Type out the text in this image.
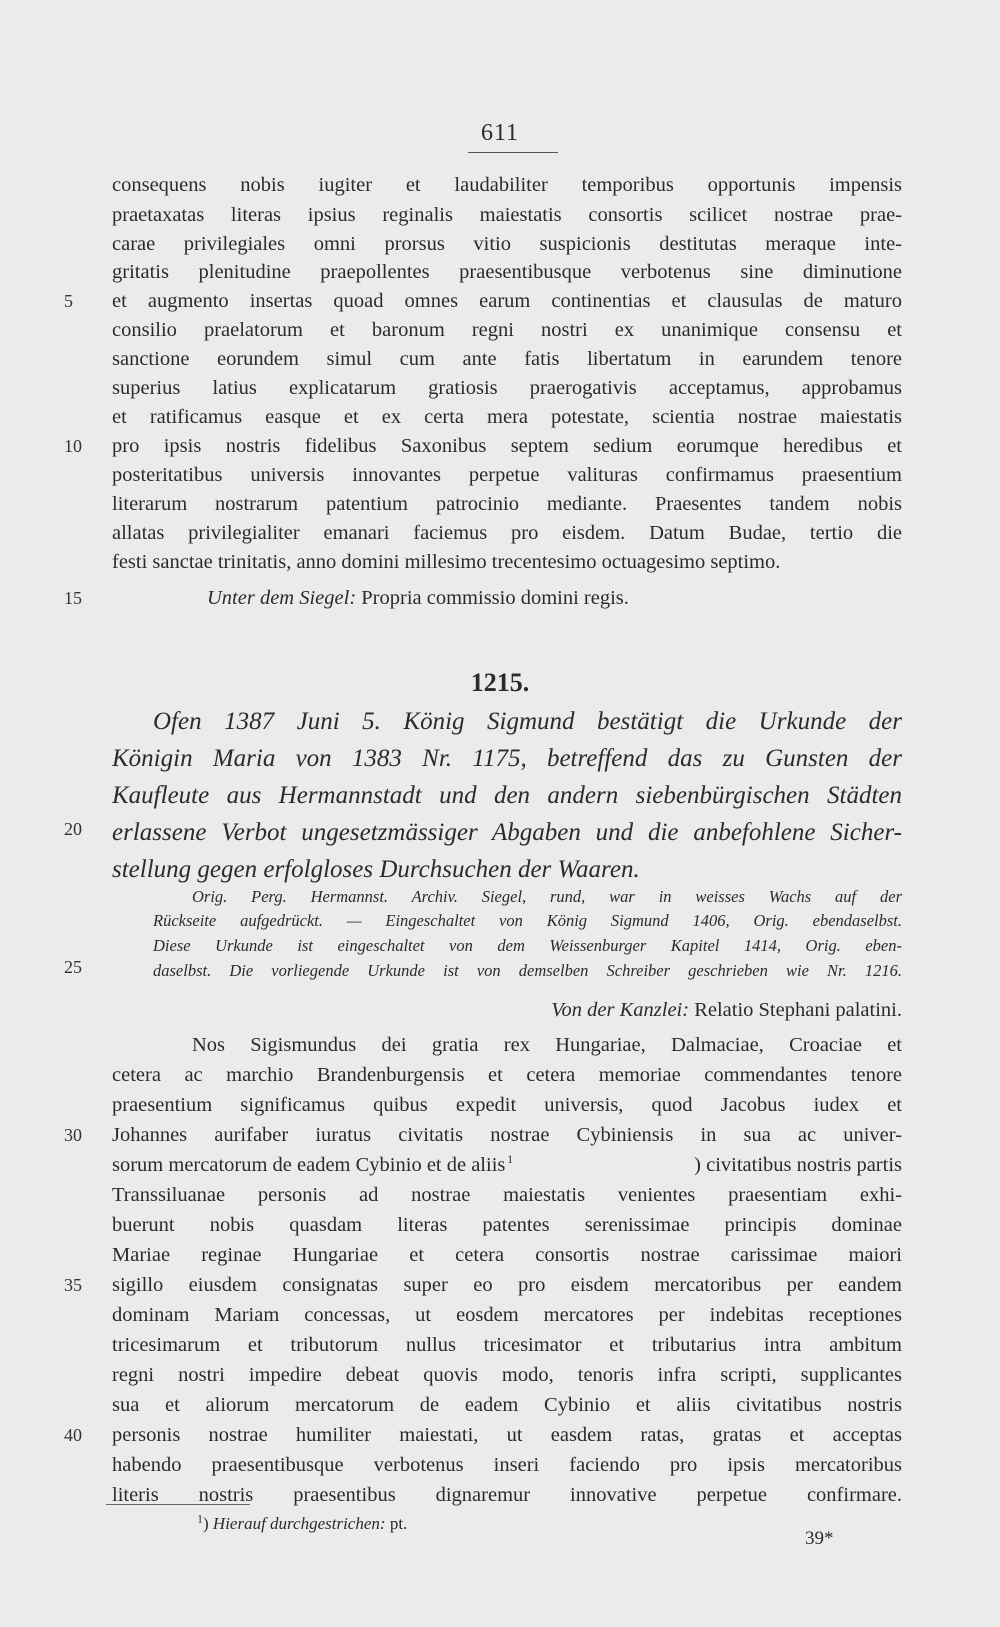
611
consequens nobis iugiter et laudabiliter temporibus opportunis impensis
praetaxatas literas ipsius reginalis maiestatis consortis scilicet nostrae prae-
carae privilegiales omni prorsus vitio suspicionis destitutas meraque inte-
gritatis plenitudine praepollentes praesentibusque verbotenus sine diminutione
et augmento insertas quoad omnes earum continentias et clausulas de maturo
consilio praelatorum et baronum regni nostri ex unanimique consensu et
sanctione eorundem simul cum ante fatis libertatum in earundem tenore
superius latius explicatarum gratiosis praerogativis acceptamus, approbamus
et ratificamus easque et ex certa mera potestate, scientia nostrae maiestatis
pro ipsis nostris fidelibus Saxonibus septem sedium eorumque heredibus et
posteritatibus universis innovantes perpetue valituras confirmamus praesentium
literarum nostrarum patentium patrocinio mediante. Praesentes tandem nobis
allatas privilegialiter emanari faciemus pro eisdem. Datum Budae, tertio die
festi sanctae trinitatis, anno domini millesimo trecentesimo octuagesimo septimo.
Unter dem Siegel: Propria commissio domini regis.
1215.
Ofen 1387 Juni 5. König Sigmund bestätigt die Urkunde der
Königin Maria von 1383 Nr. 1175, betreffend das zu Gunsten der
Kaufleute aus Hermannstadt und den andern siebenbürgischen Städten
erlassene Verbot ungesetzmässiger Abgaben und die anbefohlene Sicher-
stellung gegen erfolgloses Durchsuchen der Waaren.
Orig. Perg. Hermannst. Archiv. Siegel, rund, war in weisses Wachs auf der
Rückseite aufgedrückt. — Eingeschaltet von König Sigmund 1406, Orig. ebendaselbst.
Diese Urkunde ist eingeschaltet von dem Weissenburger Kapitel 1414, Orig. eben-
daselbst. Die vorliegende Urkunde ist von demselben Schreiber geschrieben wie Nr. 1216.
Von der Kanzlei: Relatio Stephani palatini.
Nos Sigismundus dei gratia rex Hungariae, Dalmaciae, Croaciae et
cetera ac marchio Brandenburgensis et cetera memoriae commendantes tenore
praesentium significamus quibus expedit universis, quod Jacobus iudex et
Johannes aurifaber iuratus civitatis nostrae Cybiniensis in sua ac univer-
sorum mercatorum de eadem Cybinio et de aliis  $^1$	) civitatibus nostris partis
Transsiluanae personis ad nostrae maiestatis venientes praesentiam exhi-
buerunt nobis quasdam literas patentes serenissimae principis dominae
Mariae reginae Hungariae et cetera consortis nostrae carissimae maiori
sigillo eiusdem consignatas super eo pro eisdem mercatoribus per eandem
dominam Mariam concessas, ut eosdem mercatores per indebitas receptiones
tricesimarum et tributorum nullus tricesimator et tributarius intra ambitum
regni nostri impedire debeat quovis modo, tenoris infra scripti, supplicantes
sua et aliorum mercatorum de eadem Cybinio et aliis civitatibus nostris
personis nostrae humiliter maiestati, ut easdem ratas, gratas et acceptas
habendo praesentibusque verbotenus inseri faciendo pro ipsis mercatoribus
literis nostris praesentibus dignaremur innovative perpetue confirmare.
5
10
15
20
25
30
35
40
$^1$) Hierauf durchgestrichen: pt.
39*
